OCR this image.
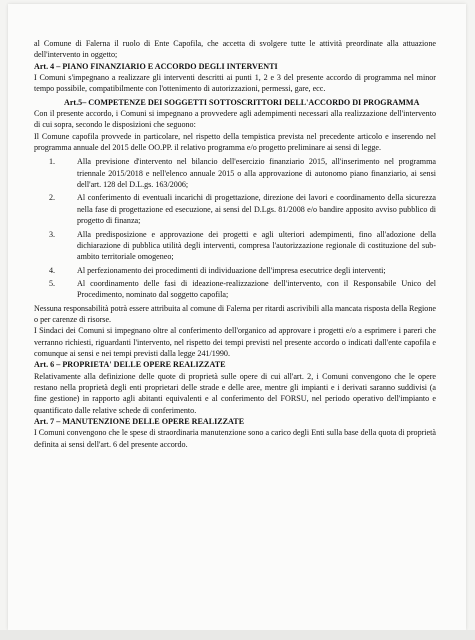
al Comune di Falerna il ruolo di Ente Capofila, che accetta di svolgere tutte le attività preordinate alla attuazione dell'intervento in oggetto;

Art. 4 – PIANO FINANZIARIO E ACCORDO DEGLI INTERVENTI

I Comuni s'impegnano a realizzare gli interventi descritti ai punti 1, 2 e 3 del presente accordo di programma nel minor tempo possibile, compatibilmente con l'ottenimento di autorizzazioni, permessi, gare, ecc.

Art.5– COMPETENZE DEI SOGGETTI SOTTOSCRITTORI DELL'ACCORDO DI PROGRAMMA

Con il presente accordo, i Comuni si impegnano a provvedere agli adempimenti necessari alla realizzazione dell'intervento di cui sopra, secondo le disposizioni che seguono:

Il Comune capofila provvede in particolare, nel rispetto della tempistica prevista nel precedente articolo e inserendo nel programma annuale del 2015 delle OO.PP. il relativo programma e/o progetto preliminare ai sensi di legge.

1.	Alla previsione d'intervento nel bilancio dell'esercizio finanziario 2015, all'inserimento nel programma triennale 2015/2018 e nell'elenco annuale 2015 o alla approvazione di autonomo piano finanziario, ai sensi dell'art. 128 del D.L.gs. 163/2006;
2.	Al conferimento di eventuali incarichi di progettazione, direzione dei lavori e coordinamento della sicurezza nella fase di progettazione ed esecuzione, ai sensi del D.Lgs. 81/2008 e/o bandire apposito avviso pubblico di progetto di finanza;
3.	Alla predisposizione e approvazione dei progetti e agli ulteriori adempimenti, fino all'adozione della dichiarazione di pubblica utilità degli interventi, compresa l'autorizzazione regionale di costituzione del sub-ambito territoriale omogeneo;
4.	Al perfezionamento dei procedimenti di individuazione dell'impresa esecutrice degli interventi;
5.	Al coordinamento delle fasi di ideazione-realizzazione dell'intervento, con il Responsabile Unico del Procedimento, nominato dal soggetto capofila;

Nessuna responsabilità potrà essere attribuita al comune di Falerna per ritardi ascrivibili alla mancata risposta della Regione o per carenze di risorse.

I Sindaci dei Comuni si impegnano oltre al conferimento dell'organico ad approvare i progetti e/o a esprimere i pareri che verranno richiesti, riguardanti l'intervento, nel rispetto dei tempi previsti nel presente accordo o indicati dall'ente capofila e comunque ai sensi e nei tempi previsti dalla legge 241/1990.

Art. 6 – PROPRIETA' DELLE OPERE REALIZZATE

Relativamente alla definizione delle quote di proprietà sulle opere di cui all'art. 2, i Comuni convengono che le opere restano nella proprietà degli enti proprietari delle strade e delle aree, mentre gli impianti e i derivati saranno suddivisi (a fine gestione) in rapporto agli abitanti equivalenti e al conferimento del FORSU, nel periodo operativo dell'impianto e quantificato dalle relative schede di conferimento.

Art. 7 – MANUTENZIONE DELLE OPERE REALIZZATE

I Comuni convengono che le spese di straordinaria manutenzione sono a carico degli Enti sulla base della quota di proprietà definita ai sensi dell'art. 6 del presente accordo.
